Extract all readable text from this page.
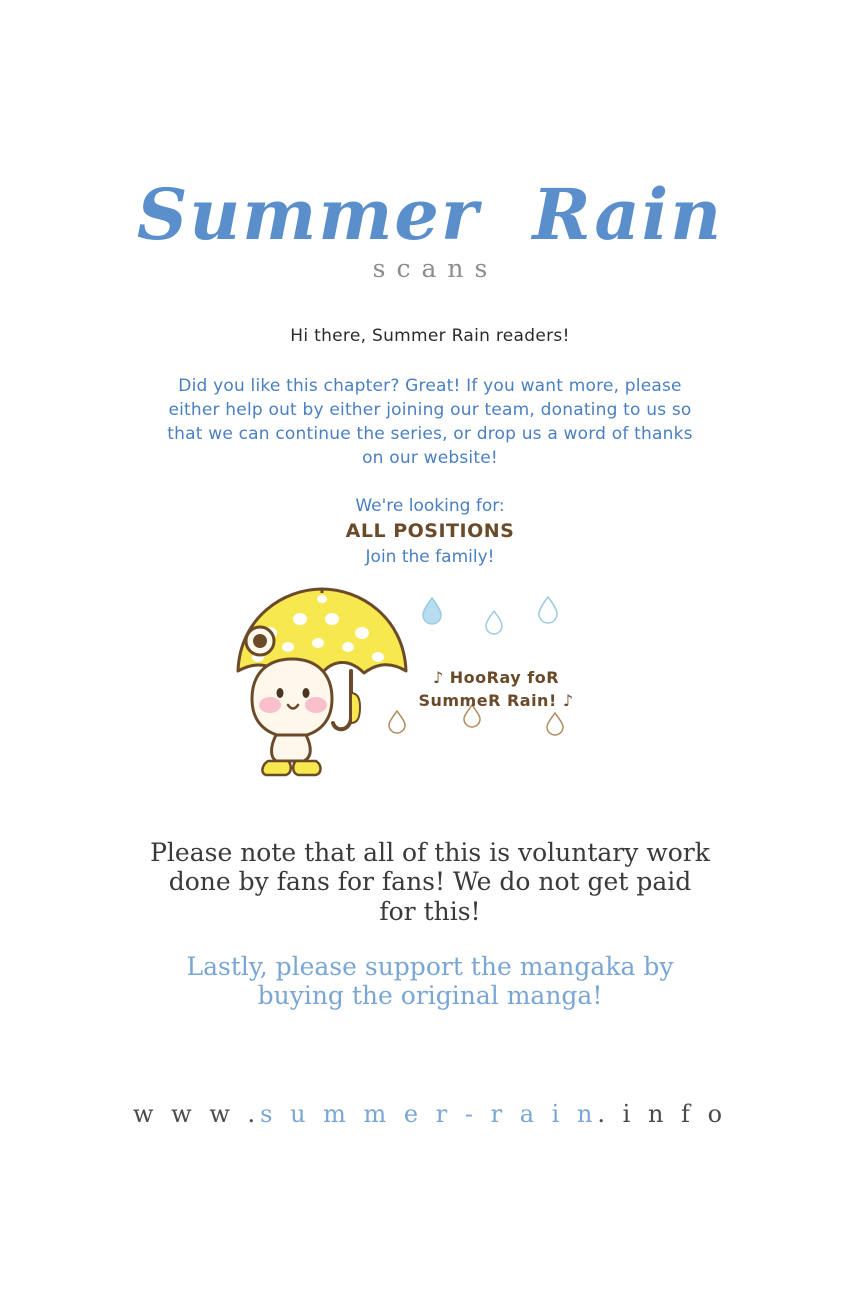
Summer  Rain
scans
Hi there, Summer Rain readers!
Did you like this chapter? Great! If you want more, please either help out by either joining our team, donating to us so that we can continue the series, or drop us a word of thanks on our website!
We're looking for:
ALL POSITIONS
Join the family!
♪ HooRay foR
SummeR Rain! ♪
Please note that all of this is voluntary work done by fans for fans! We do not get paid for this!
Lastly, please support the mangaka by buying the original manga!
w w w .s u m m e r - r a i n. i n f o
